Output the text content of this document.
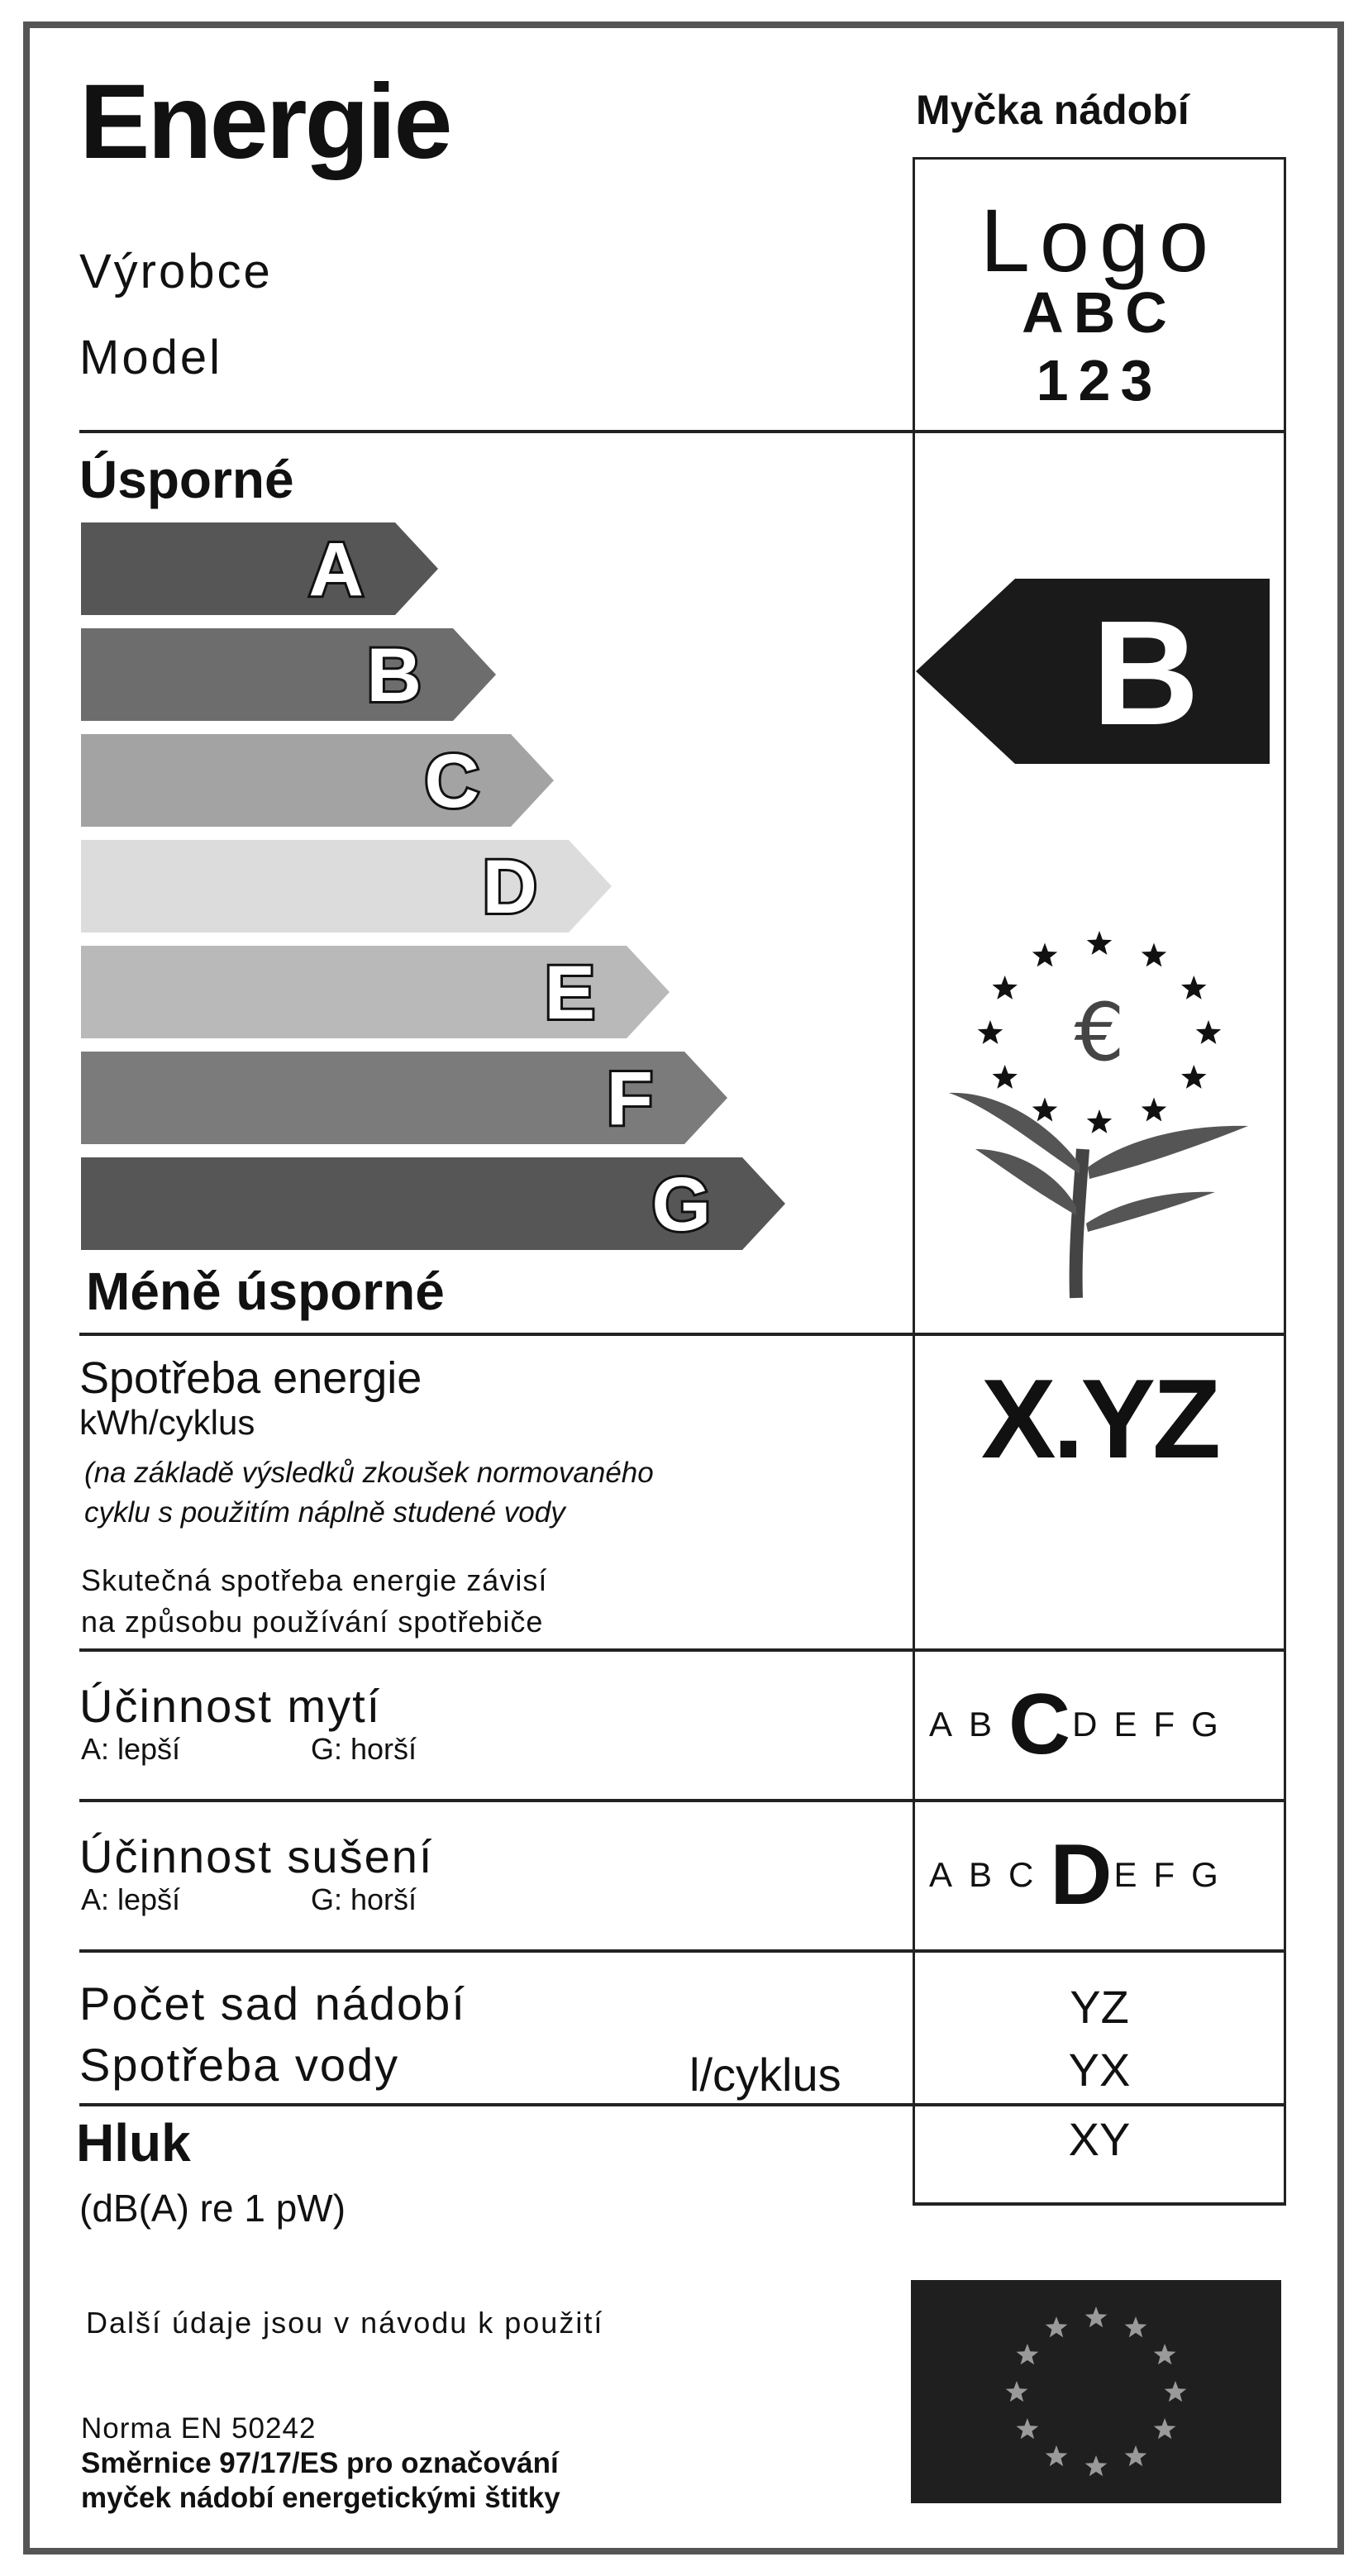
Energie	Myčka nádobí
Výrobce
Model
Logo
ABC
123
Úsporné
A
B
C
D
E
F
G
Méně úsporné
B
€
Spotřeba energie
kWh/cyklus
(na základě výsledků zkoušek normovaného
cyklu s použitím náplně studené vody
Skutečná spotřeba energie závisí
na způsobu používání spotřebiče
X.YZ
Účinnost mytí
A: lepší	G: horší
A B C D E F G
Účinnost sušení
A: lepší	G: horší
A B C D E F G
Počet sad nádobí	YZ
Spotřeba vody	l/cyklus	YX
Hluk
(dB(A) re 1 pW)
XY
Další údaje jsou v návodu k použití
Norma EN 50242
Směrnice 97/17/ES pro označování
myček nádobí energetickými štitky
